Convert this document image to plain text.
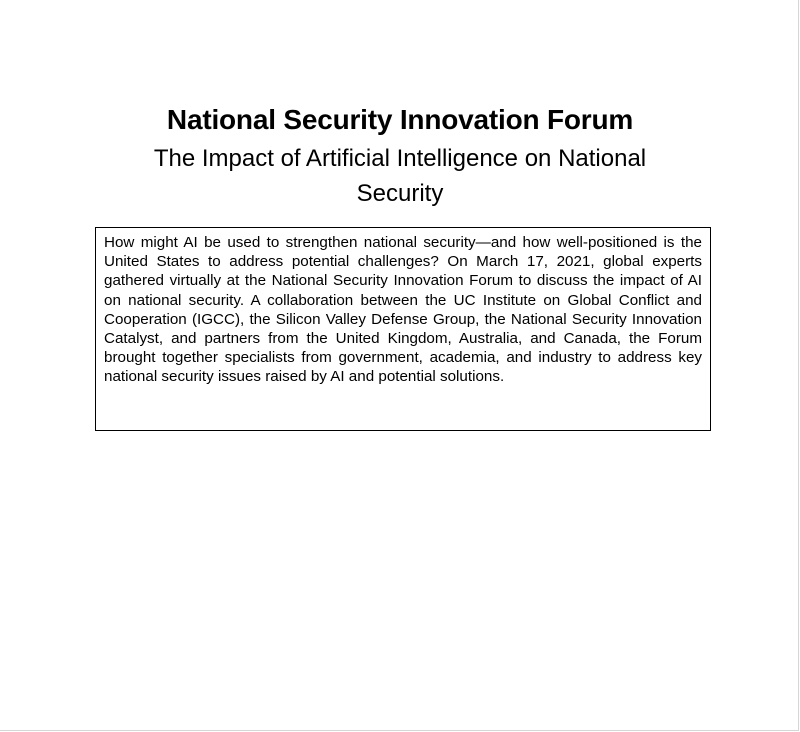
National Security Innovation Forum
The Impact of Artificial Intelligence on National Security

How might AI be used to strengthen national security—and how well-positioned is the United States to address potential challenges? On March 17, 2021, global experts gathered virtually at the National Security Innovation Forum to discuss the impact of AI on national security. A collaboration between the UC Institute on Global Conflict and Cooperation (IGCC), the Silicon Valley Defense Group, the National Security Innovation Catalyst, and partners from the United Kingdom, Australia, and Canada, the Forum brought together specialists from government, academia, and industry to address key national security issues raised by AI and potential solutions.
